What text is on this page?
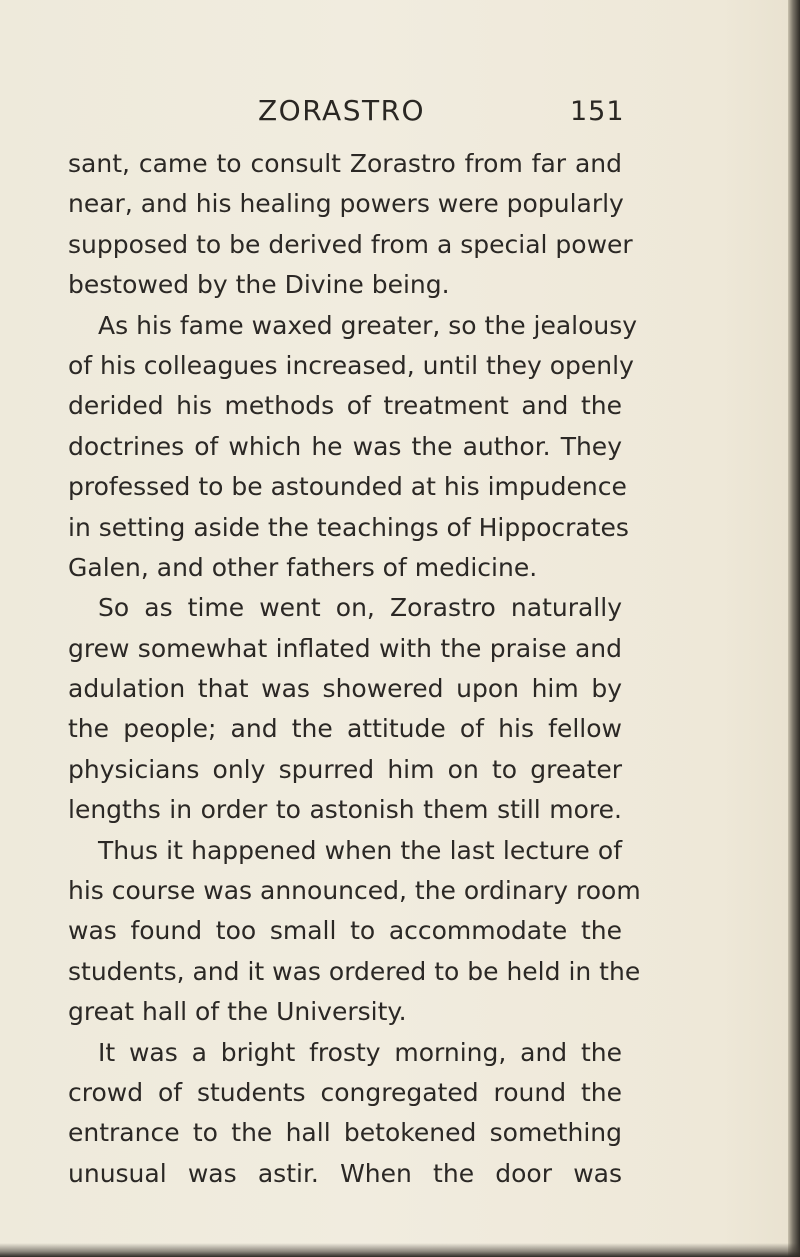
ZORASTRO	151
sant, came to consult Zorastro from far and
near, and his healing powers were popularly
supposed to be derived from a special power
bestowed by the Divine being.
As his fame waxed greater, so the jealousy
of his colleagues increased, until they openly
derided his methods of treatment and the
doctrines of which he was the author. They
professed to be astounded at his impudence
in setting aside the teachings of Hippocrates
Galen, and other fathers of medicine.
So as time went on, Zorastro naturally
grew somewhat inflated with the praise and
adulation that was showered upon him by
the people; and the attitude of his fellow
physicians only spurred him on to greater
lengths in order to astonish them still more.
Thus it happened when the last lecture of
his course was announced, the ordinary room
was found too small to accommodate the
students, and it was ordered to be held in the
great hall of the University.
It was a bright frosty morning, and the
crowd of students congregated round the
entrance to the hall betokened something
unusual was astir. When the door was
